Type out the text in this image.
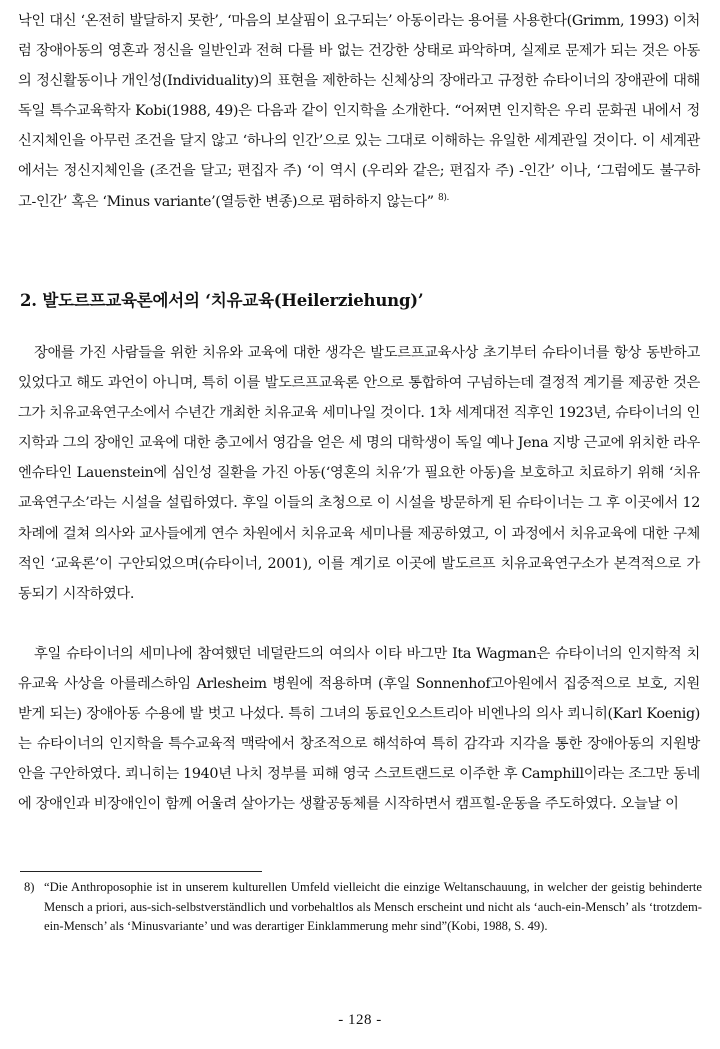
낙인 대신 ‘온전히 발달하지 못한’, ‘마음의 보살핌이 요구되는’ 아동이라는 용어를 사용한다(Grimm, 1993) 이처럼 장애아동의 영혼과 정신을 일반인과 전혀 다를 바 없는 건강한 상태로 파악하며, 실제로 문제가 되는 것은 아동의 정신활동이나 개인성(Individuality)의 표현을 제한하는 신체상의 장애라고 규정한 슈타이너의 장애관에 대해 독일 특수교육학자 Kobi(1988, 49)은 다음과 같이 인지학을 소개한다. “어쩌면 인지학은 우리 문화권 내에서 정신지체인을 아무런 조건을 달지 않고 ‘하나의 인간’으로 있는 그대로 이해하는 유일한 세계관일 것이다. 이 세계관에서는 정신지체인을 (조건을 달고; 편집자 주) ‘이 역시 (우리와 같은; 편집자 주) -인간’ 이나, ‘그럼에도 불구하고-인간’ 혹은 ‘Minus variante’(열등한 변종)으로 폄하하지 않는다” $^{8).}$

2. 발도르프교육론에서의 ‘치유교육(Heilerziehung)’

장애를 가진 사람들을 위한 치유와 교육에 대한 생각은 발도르프교육사상 초기부터 슈타이너를 항상 동반하고 있었다고 해도 과언이 아니며, 특히 이를 발도르프교육론 안으로 통합하여 구넘하는데 결정적 계기를 제공한 것은 그가 치유교육연구소에서 수년간 개최한 치유교육 세미나일 것이다. 1차 세계대전 직후인 1923년, 슈타이너의 인지학과 그의 장애인 교육에 대한 충고에서 영감을 얻은 세 명의 대학생이 독일 예나 Jena 지방 근교에 위치한 라우엔슈타인 Lauenstein에 심인성 질환을 가진 아동(‘영혼의 치유’가 필요한 아동)을 보호하고 치료하기 위해 ‘치유교육연구소’라는 시설을 설립하였다. 후일 이들의 초청으로 이 시설을 방문하게 된 슈타이너는 그 후 이곳에서 12차례에 걸쳐 의사와 교사들에게 연수 차원에서 치유교육 세미나를 제공하였고, 이 과정에서 치유교육에 대한 구체적인 ‘교육론’이 구안되었으며(슈타이너, 2001), 이를 계기로 이곳에 발도르프 치유교육연구소가 본격적으로 가동되기 시작하였다.

후일 슈타이너의 세미나에 참여했던 네덜란드의 여의사 이타 바그만 Ita Wagman은 슈타이너의 인지학적 치유교육 사상을 아를레스하임 Arlesheim 병원에 적용하며 (후일 Sonnenhof고아원에서 집중적으로 보호, 지원 받게 되는) 장애아동 수용에 발 벗고 나섰다. 특히 그녀의 동료인오스트리아 비엔나의 의사 쾨니히(Karl Koenig)는 슈타이너의 인지학을 특수교육적 맥락에서 창조적으로 해석하여 특히 감각과 지각을 통한 장애아동의 지원방안을 구안하였다. 쾨니히는 1940년 나치 정부를 피해 영국 스코트랜드로 이주한 후 Camphill이라는 조그만 동네에 장애인과 비장애인이 함께 어울려 살아가는 생활공동체를 시작하면서 캠프힐-운동을 주도하였다. 오늘날 이

8) “Die Anthroposophie ist in unserem kulturellen Umfeld vielleicht die einzige Weltanschauung, in welcher der geistig behinderte Mensch a priori, aus-sich-selbstverständlich und vorbehaltlos als Mensch erscheint und nicht als ‘auch-ein-Mensch’ als ‘trotzdem-ein-Mensch’ als ‘Minusvariante’ und was derartiger Einklammerung mehr sind”(Kobi, 1988, S. 49).
- 128 -
